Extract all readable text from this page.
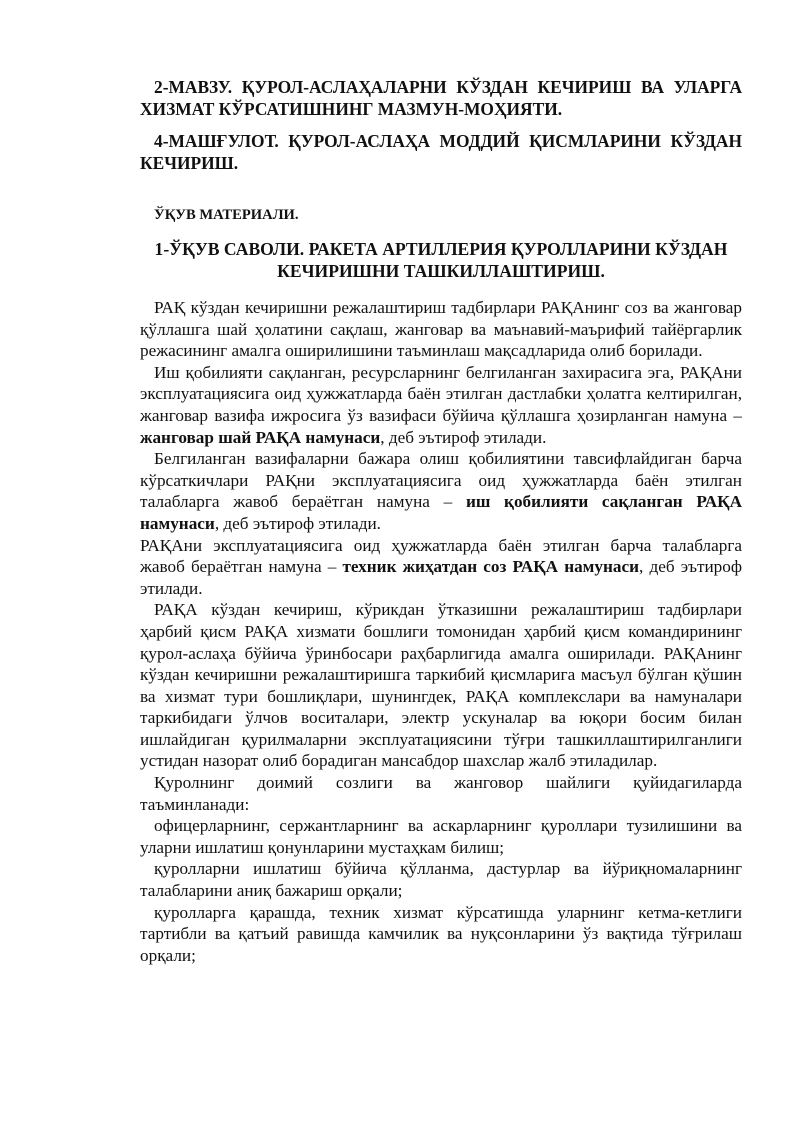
2-МАВЗУ. ҚУРОЛ-АСЛАҲАЛАРНИ КЎЗДАН КЕЧИРИШ ВА УЛАРГА ХИЗМАТ КЎРСАТИШНИНГ МАЗМУН-МОҲИЯТИ.
4-МАШҒУЛОТ. ҚУРОЛ-АСЛАҲА МОДДИЙ ҚИСМЛАРИНИ КЎЗДАН КЕЧИРИШ.
ЎҚУВ МАТЕРИАЛИ.
1-ЎҚУВ САВОЛИ. РАКЕТА АРТИЛЛЕРИЯ ҚУРОЛЛАРИНИ КЎЗДАН КЕЧИРИШНИ ТАШКИЛЛАШТИРИШ.

РАҚ кўздан кечиришни режалаштириш тадбирлари РАҚАнинг соз ва жанговар қўллашга шай ҳолатини сақлаш, жанговар ва маънавий-маърифий тайёргарлик режасининг амалга оширилишини таъминлаш мақсадларида олиб борилади.

Иш қобилияти сақланган, ресурсларнинг белгиланган захирасига эга, РАҚАни эксплуатациясига оид ҳужжатларда баён этилган дастлабки ҳолатга келтирилган, жанговар вазифа ижросига ўз вазифаси бўйича қўллашга ҳозирланган намуна – жанговар шай РАҚА намунаси, деб эътироф этилади.

Белгиланган вазифаларни бажара олиш қобилиятини тавсифлайдиган барча кўрсаткичлари РАҚни эксплуатациясига оид ҳужжатларда баён этилган талабларга жавоб бераётган намуна – иш қобилияти сақланган РАҚА намунаси, деб эътироф этилади.

РАҚАни эксплуатациясига оид ҳужжатларда баён этилган барча талабларга жавоб бераётган намуна – техник жиҳатдан соз РАҚА намунаси, деб эътироф этилади.

РАҚА кўздан кечириш, кўрикдан ўтказишни режалаштириш тадбирлари ҳарбий қисм РАҚА хизмати бошлиги томонидан ҳарбий қисм командирининг қурол-аслаҳа бўйича ўринбосари раҳбарлигида амалга оширилади. РАҚАнинг кўздан кечиришни режалаштиришга таркибий қисмларига масъул бўлган қўшин ва хизмат тури бошлиқлари, шунингдек, РАҚА комплекслари ва намуналари таркибидаги ўлчов воситалари, электр ускуналар ва юқори босим билан ишлайдиган қурилмаларни эксплуатациясини тўғри ташкиллаштирилганлиги устидан назорат олиб борадиган мансабдор шахслар жалб этиладилар.

Қуролнинг доимий созлиги ва жанговор шайлиги қуйидагиларда таъминланади:

офицерларнинг, сержантларнинг ва аскарларнинг қуроллари тузилишини ва уларни ишлатиш қонунларини мустаҳкам билиш;

қуролларни ишлатиш бўйича қўлланма, дастурлар ва йўриқномаларнинг талабларини аниқ бажариш орқали;

қуролларга қарашда, техник хизмат кўрсатишда уларнинг кетма-кетлиги тартибли ва қатъий равишда камчилик ва нуқсонларини ўз вақтида тўғрилаш орқали;
